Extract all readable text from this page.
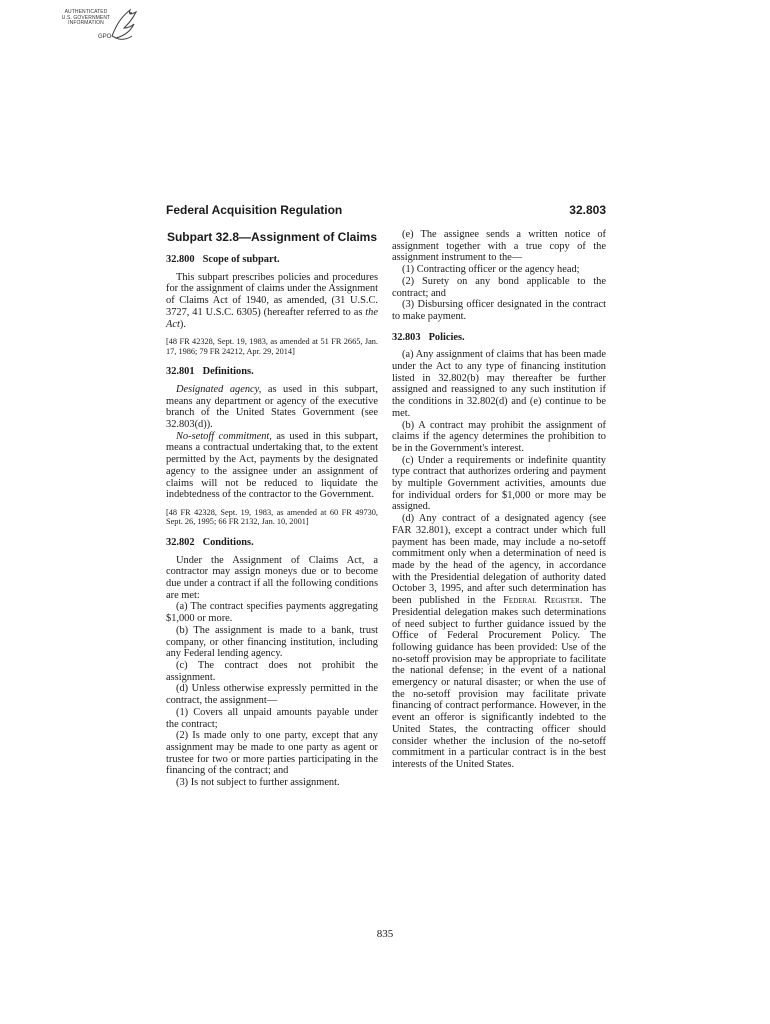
AUTHENTICATED
U.S. GOVERNMENT
INFORMATION
GPO
Federal Acquisition Regulation	32.803
Subpart 32.8—Assignment of Claims
32.800 Scope of subpart.

This subpart prescribes policies and procedures for the assignment of claims under the Assignment of Claims Act of 1940, as amended, (31 U.S.C. 3727, 41 U.S.C. 6305) (hereafter referred to as the Act).

[48 FR 42328, Sept. 19, 1983, as amended at 51 FR 2665, Jan. 17, 1986; 79 FR 24212, Apr. 29, 2014]
32.801 Definitions.

Designated agency, as used in this subpart, means any department or agency of the executive branch of the United States Government (see 32.803(d)).

No-setoff commitment, as used in this subpart, means a contractual undertaking that, to the extent permitted by the Act, payments by the designated agency to the assignee under an assignment of claims will not be reduced to liquidate the indebtedness of the contractor to the Government.

[48 FR 42328, Sept. 19, 1983, as amended at 60 FR 49730, Sept. 26, 1995; 66 FR 2132, Jan. 10, 2001]
32.802 Conditions.

Under the Assignment of Claims Act, a contractor may assign moneys due or to become due under a contract if all the following conditions are met:

(a) The contract specifies payments aggregating $1,000 or more.

(b) The assignment is made to a bank, trust company, or other financing institution, including any Federal lending agency.

(c) The contract does not prohibit the assignment.

(d) Unless otherwise expressly permitted in the contract, the assignment—

(1) Covers all unpaid amounts payable under the contract;

(2) Is made only to one party, except that any assignment may be made to one party as agent or trustee for two or more parties participating in the financing of the contract; and

(3) Is not subject to further assignment.

(e) The assignee sends a written notice of assignment together with a true copy of the assignment instrument to the—

(1) Contracting officer or the agency head;

(2) Surety on any bond applicable to the contract; and

(3) Disbursing officer designated in the contract to make payment.

32.803 Policies.

(a) Any assignment of claims that has been made under the Act to any type of financing institution listed in 32.802(b) may thereafter be further assigned and reassigned to any such institution if the conditions in 32.802(d) and (e) continue to be met.

(b) A contract may prohibit the assignment of claims if the agency determines the prohibition to be in the Government's interest.

(c) Under a requirements or indefinite quantity type contract that authorizes ordering and payment by multiple Government activities, amounts due for individual orders for $1,000 or more may be assigned.

(d) Any contract of a designated agency (see FAR 32.801), except a contract under which full payment has been made, may include a no-setoff commitment only when a determination of need is made by the head of the agency, in accordance with the Presidential delegation of authority dated October 3, 1995, and after such determination has been published in the Federal Register. The Presidential delegation makes such determinations of need subject to further guidance issued by the Office of Federal Procurement Policy. The following guidance has been provided: Use of the no-setoff provision may be appropriate to facilitate the national defense; in the event of a national emergency or natural disaster; or when the use of the no-setoff provision may facilitate private financing of contract performance. However, in the event an offeror is significantly indebted to the United States, the contracting officer should consider whether the inclusion of the no-setoff commitment in a particular contract is in the best interests of the United States.

835
